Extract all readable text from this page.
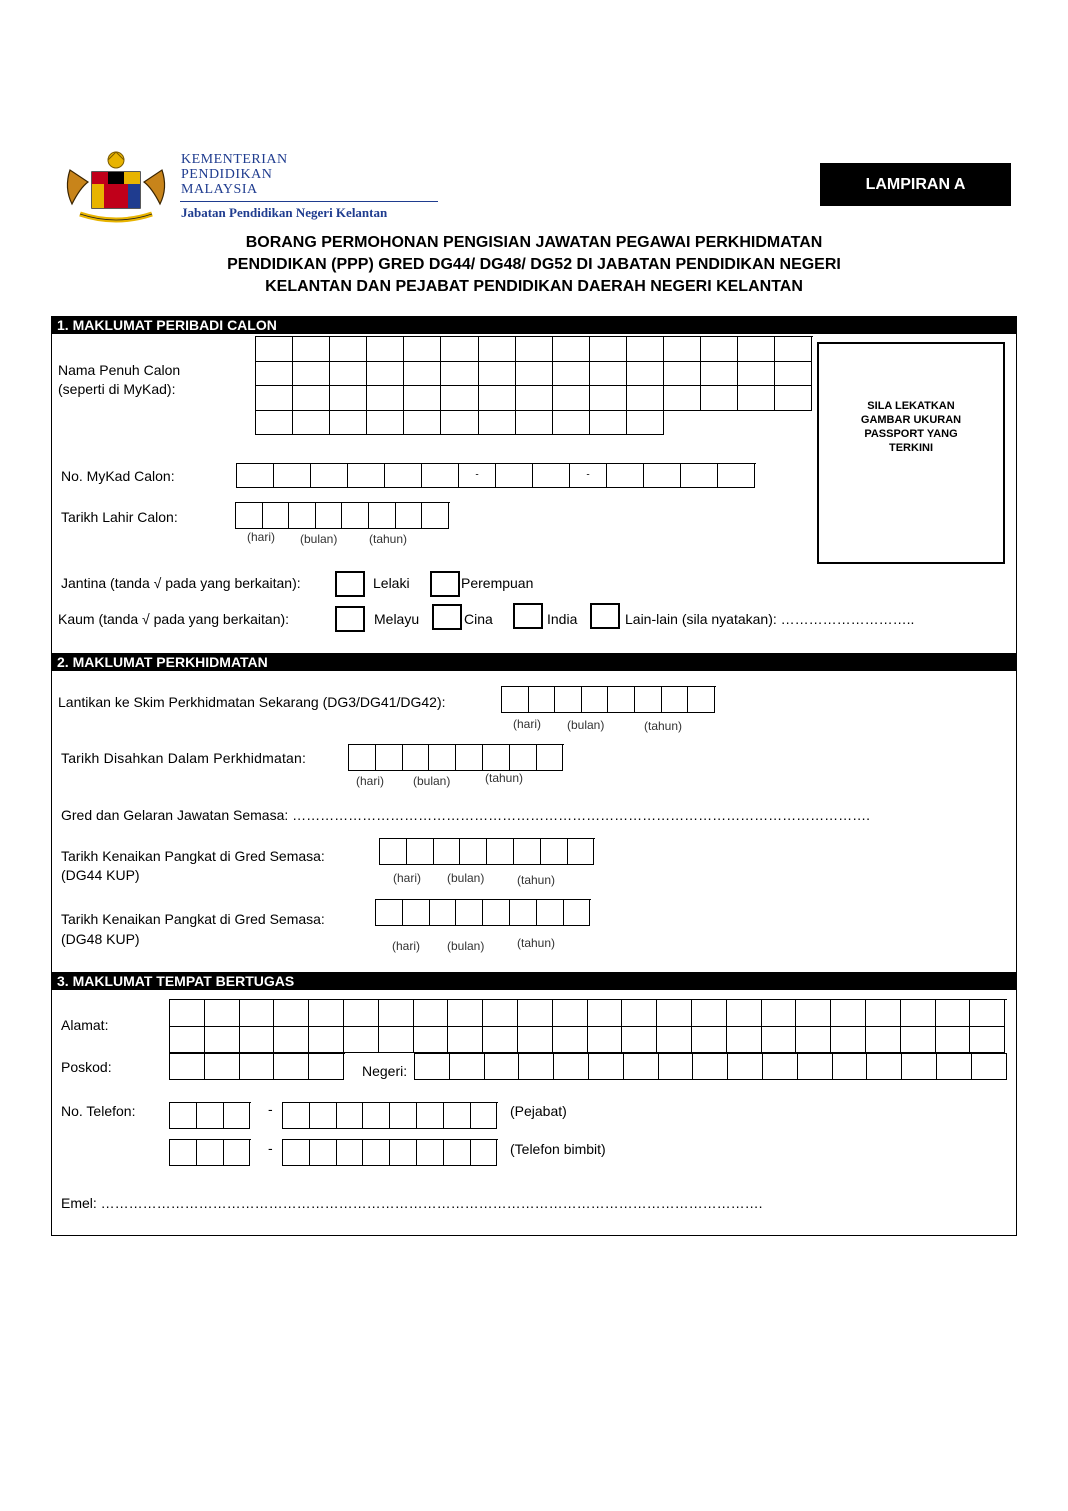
KEMENTERIAN
PENDIDIKAN
MALAYSIA
Jabatan Pendidikan Negeri Kelantan
LAMPIRAN A
BORANG PERMOHONAN PENGISIAN JAWATAN PEGAWAI PERKHIDMATAN
PENDIDIKAN (PPP) GRED DG44/ DG48/ DG52 DI JABATAN PENDIDIKAN NEGERI
KELANTAN DAN PEJABAT PENDIDIKAN DAERAH NEGERI KELANTAN
1. MAKLUMAT PERIBADI CALON
Nama Penuh Calon
(seperti di MyKad):
SILA LEKATKAN
GAMBAR UKURAN
PASSPORT YANG
TERKINI
No. MyKad Calon:	-	-
Tarikh Lahir Calon:
(hari) (bulan)	(tahun)
Jantina (tanda √ pada yang berkaitan):	Lelaki	Perempuan
Kaum (tanda √ pada yang berkaitan):	Melayu	Cina	India	Lain-lain (sila nyatakan): ………………………..
2. MAKLUMAT PERKHIDMATAN
Lantikan ke Skim Perkhidmatan Sekarang (DG3/DG41/DG42):
(hari) (bulan)	(tahun)
Tarikh Disahkan Dalam Perkhidmatan:
(hari) (bulan)	(tahun)
Gred dan Gelaran Jawatan Semasa: …………………………………………………………………………………………………………….
Tarikh Kenaikan Pangkat di Gred Semasa:
(DG44 KUP)	(hari) (bulan)	(tahun)
Tarikh Kenaikan Pangkat di Gred Semasa:
(DG48 KUP)	(hari) (bulan)	(tahun)
3. MAKLUMAT TEMPAT BERTUGAS
Alamat:
Poskod:	Negeri:
No. Telefon:	-	(Pejabat)
-	(Telefon bimbit)
Emel: …………………………………………………………………………………………………………………………….
